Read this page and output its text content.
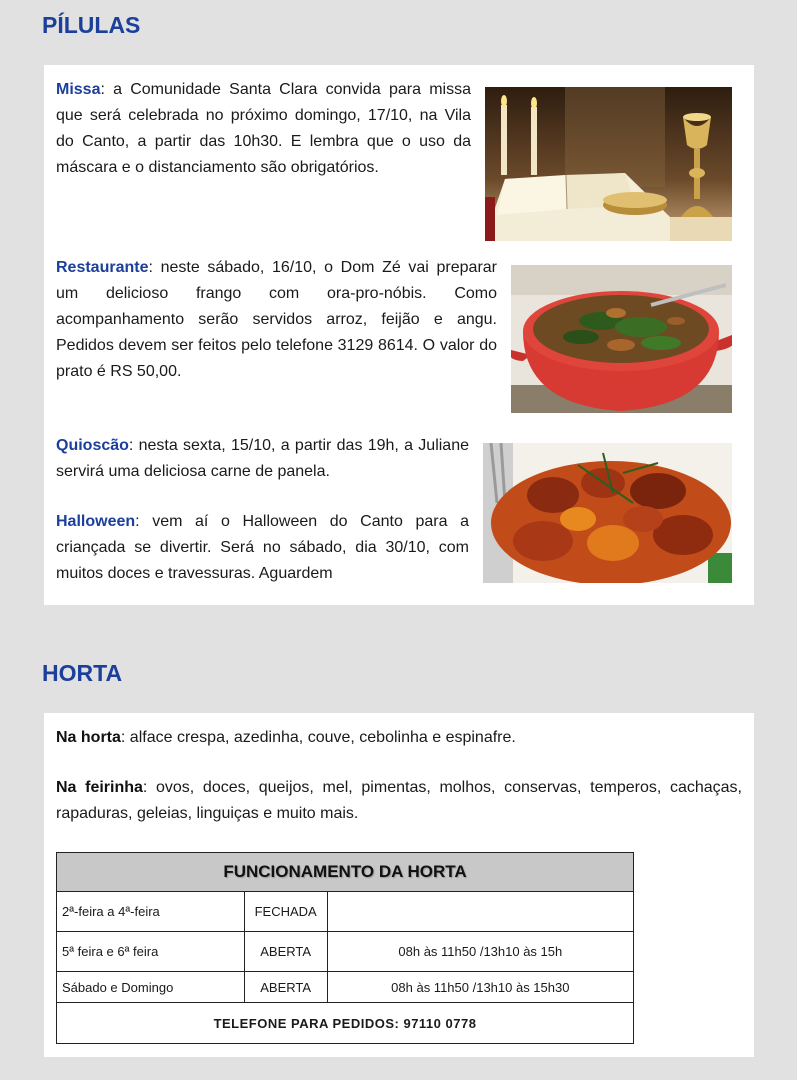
PÍLULAS

Missa: a Comunidade Santa Clara convida para missa que será celebrada no próximo domingo, 17/10, na Vila do Canto, a partir das 10h30. E lembra que o uso da máscara e o distanciamento são obrigatórios.

Restaurante: neste sábado, 16/10, o Dom Zé vai preparar um delicioso frango com ora-pro-nóbis. Como acompanhamento serão servidos arroz, feijão e angu. Pedidos devem ser feitos pelo telefone 3129 8614. O valor do prato é RS 50,00.

Quioscão: nesta sexta, 15/10, a partir das 19h, a Juliane servirá uma deliciosa carne de panela.

Halloween: vem aí o Halloween do Canto para a criançada se divertir. Será no sábado, dia 30/10, com muitos doces e travessuras. Aguardem

HORTA

Na horta: alface crespa, azedinha, couve, cebolinha e espinafre.

Na feirinha: ovos, doces, queijos, mel, pimentas, molhos, conservas, temperos, cachaças, rapaduras, geleias, linguiças e muito mais.

FUNCIONAMENTO DA HORTA		
2ª-feira a 4ª-feira	FECHADA	
5ª feira e 6ª feira	ABERTA	08h às 11h50 /13h10 às 15h
Sábado e Domingo	ABERTA	08h às 11h50 /13h10 às 15h30
TELEFONE PARA PEDIDOS: 97110 0778		
